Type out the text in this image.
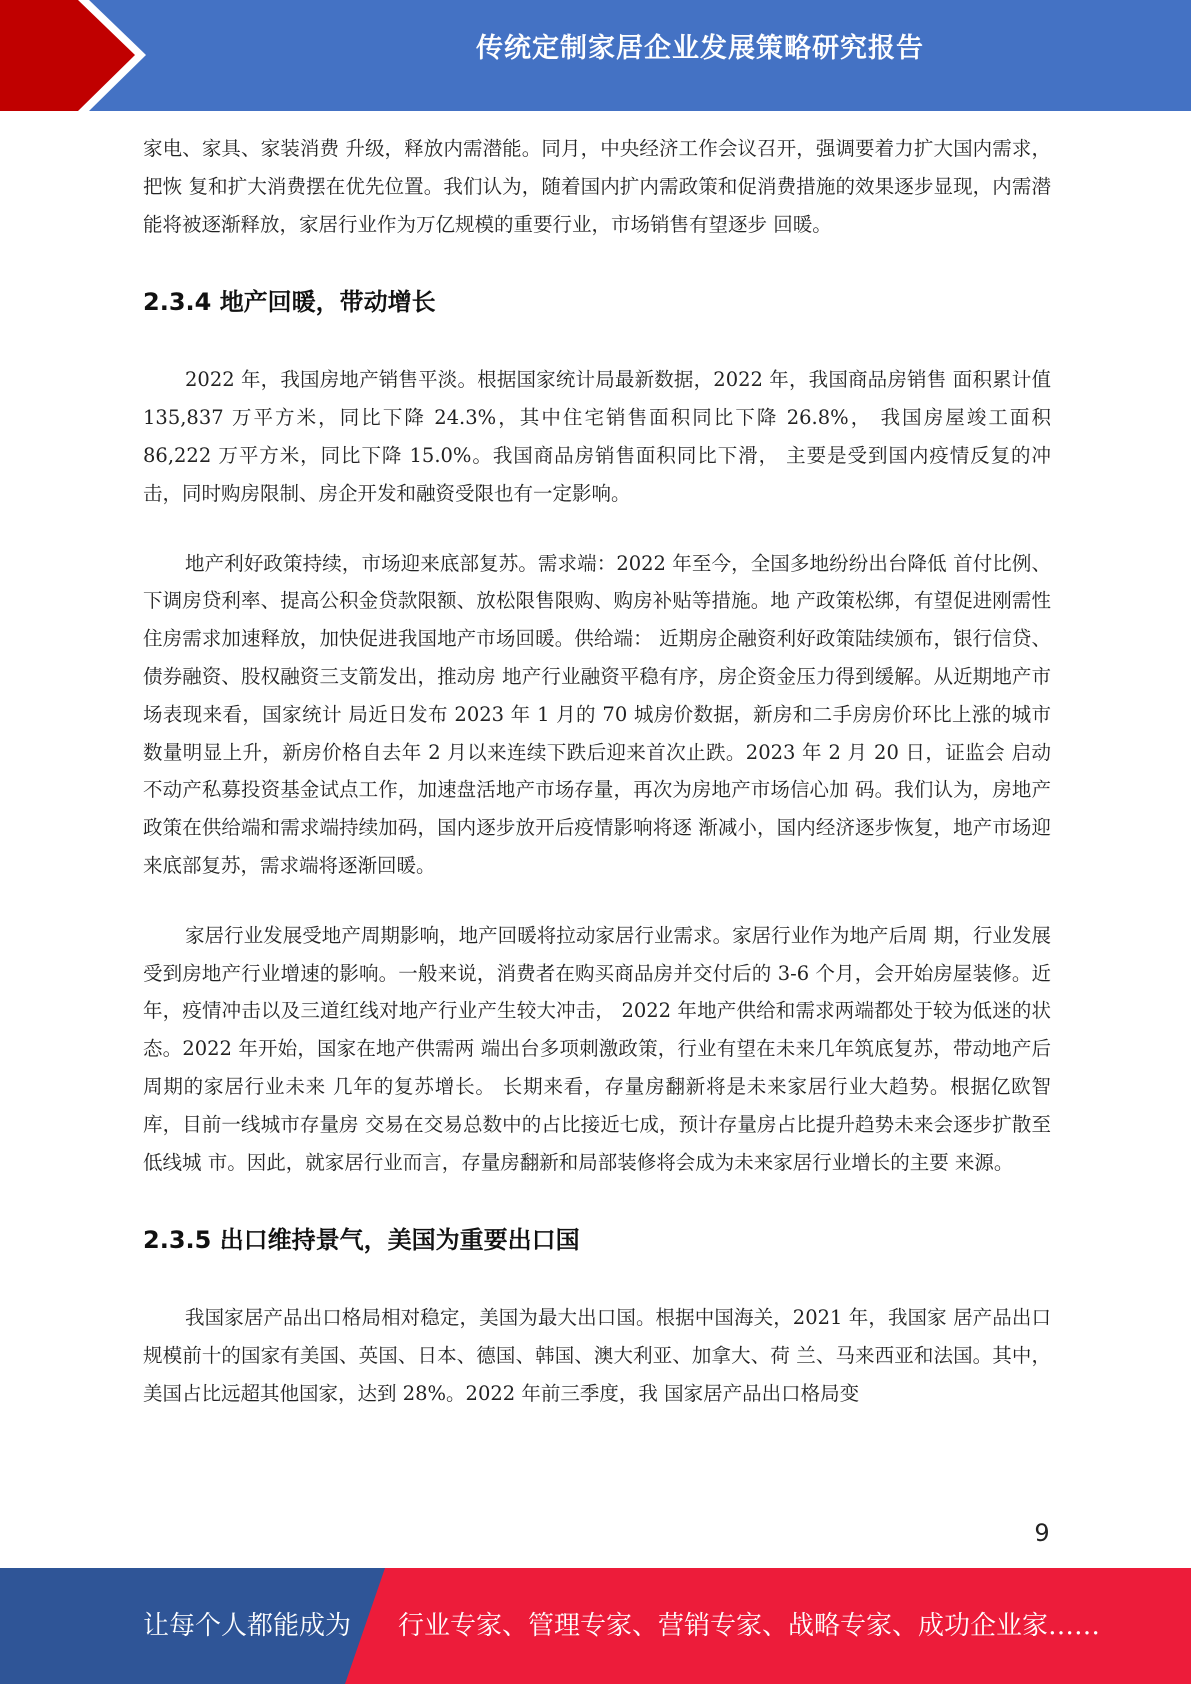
传统定制家居企业发展策略研究报告

家电、家具、家装消费 升级，释放内需潜能。同月，中央经济工作会议召开，强调要着力扩大国内需求，把恢 复和扩大消费摆在优先位置。我们认为，随着国内扩内需政策和促消费措施的效果逐步显现，内需潜能将被逐渐释放，家居行业作为万亿规模的重要行业，市场销售有望逐步 回暖。

2.3.4 地产回暖，带动增长

2022 年，我国房地产销售平淡。根据国家统计局最新数据，2022 年，我国商品房销售 面积累计值 135,837 万平方米，同比下降 24.3%，其中住宅销售面积同比下降 26.8%， 我国房屋竣工面积 86,222 万平方米，同比下降 15.0%。我国商品房销售面积同比下滑， 主要是受到国内疫情反复的冲击，同时购房限制、房企开发和融资受限也有一定影响。

地产利好政策持续，市场迎来底部复苏。需求端：2022 年至今，全国多地纷纷出台降低 首付比例、下调房贷利率、提高公积金贷款限额、放松限售限购、购房补贴等措施。地 产政策松绑，有望促进刚需性住房需求加速释放，加快促进我国地产市场回暖。供给端： 近期房企融资利好政策陆续颁布，银行信贷、债券融资、股权融资三支箭发出，推动房 地产行业融资平稳有序，房企资金压力得到缓解。从近期地产市场表现来看，国家统计 局近日发布 2023 年 1 月的 70 城房价数据，新房和二手房房价环比上涨的城市数量明显上升，新房价格自去年 2 月以来连续下跌后迎来首次止跌。2023 年 2 月 20 日，证监会 启动不动产私募投资基金试点工作，加速盘活地产市场存量，再次为房地产市场信心加 码。我们认为，房地产政策在供给端和需求端持续加码，国内逐步放开后疫情影响将逐 渐减小，国内经济逐步恢复，地产市场迎来底部复苏，需求端将逐渐回暖。

家居行业发展受地产周期影响，地产回暖将拉动家居行业需求。家居行业作为地产后周 期，行业发展受到房地产行业增速的影响。一般来说，消费者在购买商品房并交付后的 3-6 个月，会开始房屋装修。近年，疫情冲击以及三道红线对地产行业产生较大冲击， 2022 年地产供给和需求两端都处于较为低迷的状态。2022 年开始，国家在地产供需两 端出台多项刺激政策，行业有望在未来几年筑底复苏，带动地产后周期的家居行业未来 几年的复苏增长。 长期来看，存量房翻新将是未来家居行业大趋势。根据亿欧智库，目前一线城市存量房 交易在交易总数中的占比接近七成，预计存量房占比提升趋势未来会逐步扩散至低线城 市。因此，就家居行业而言，存量房翻新和局部装修将会成为未来家居行业增长的主要 来源。

2.3.5 出口维持景气，美国为重要出口国

我国家居产品出口格局相对稳定，美国为最大出口国。根据中国海关，2021 年，我国家 居产品出口规模前十的国家有美国、英国、日本、德国、韩国、澳大利亚、加拿大、荷 兰、马来西亚和法国。其中，美国占比远超其他国家，达到 28%。2022 年前三季度，我 国家居产品出口格局变

9
让每个人都能成为 行业专家、管理专家、营销专家、战略专家、成功企业家……
